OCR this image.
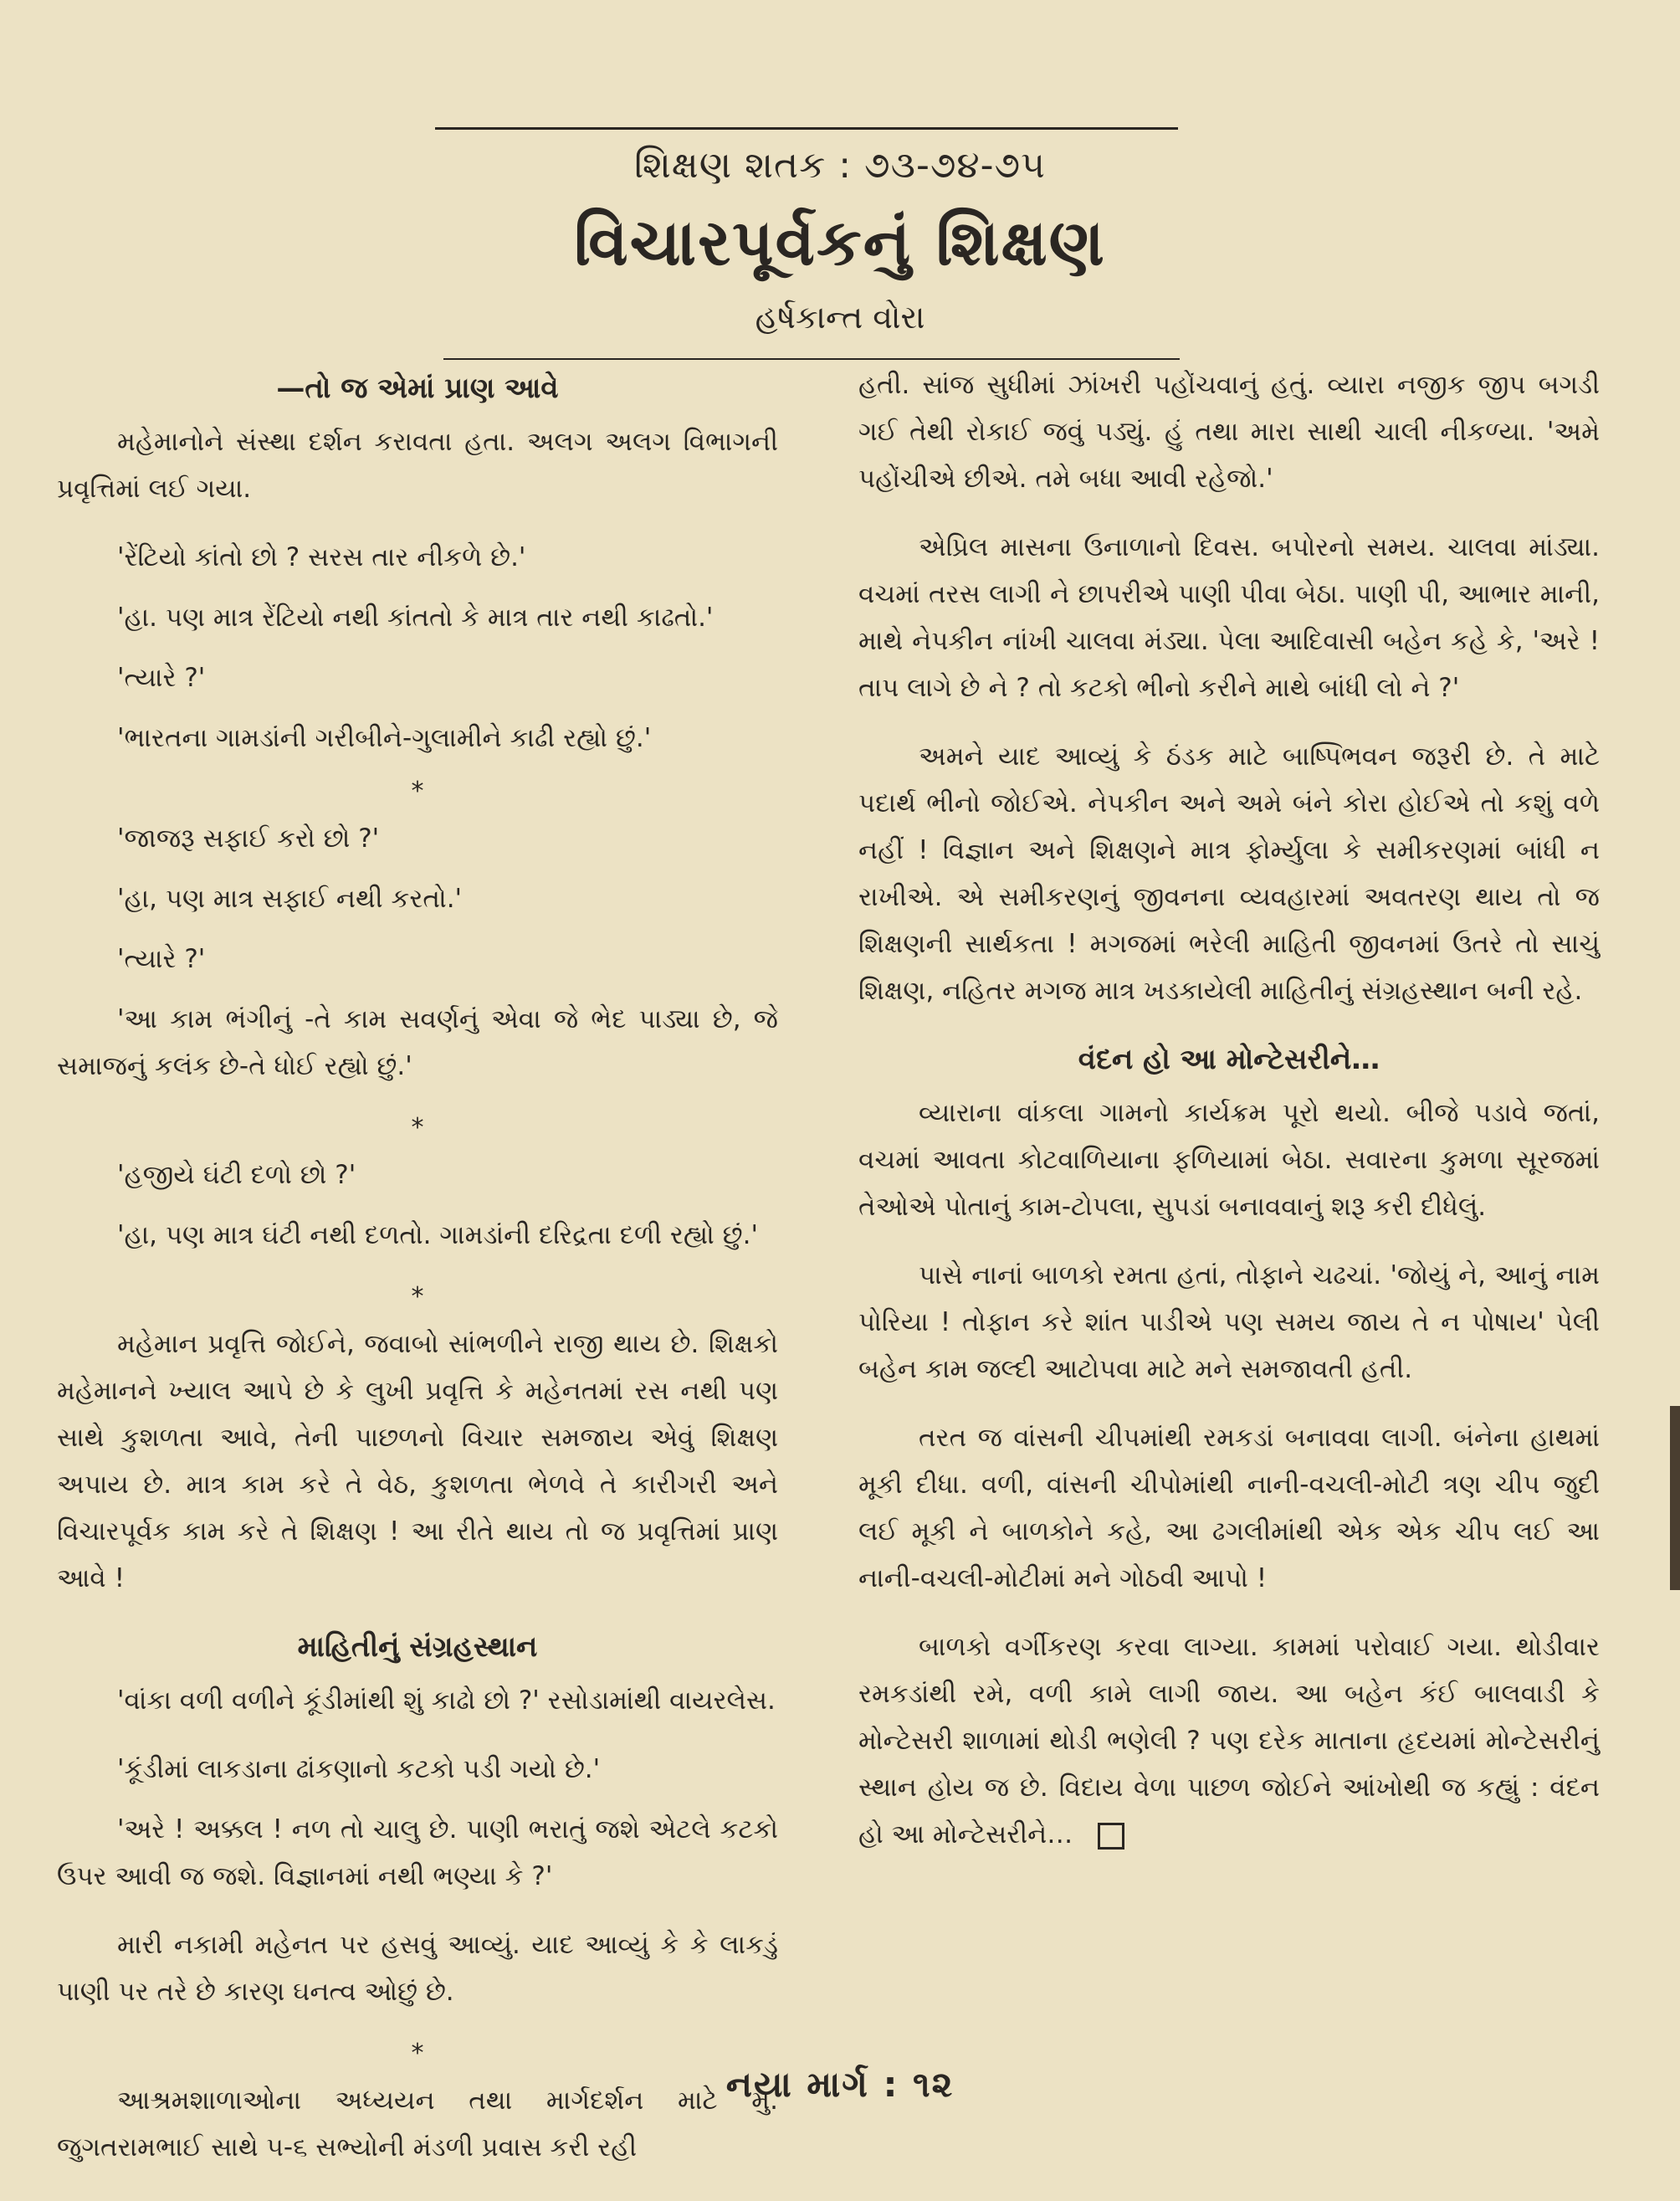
શિક્ષણ શતક : ૭૩-૭૪-૭૫
વિચારપૂર્વકનું શિક્ષણ
હર્ષકાન્ત વોરા
—તો જ એમાં પ્રાણ આવે

મહેમાનોને સંસ્થા દર્શન કરાવતા હતા. અલગ અલગ વિભાગની પ્રવૃત્તિમાં લઈ ગયા.

'રેંટિયો કાંતો છો ? સરસ તાર નીકળે છે.'

'હા. પણ માત્ર રેંટિયો નથી કાંતતો કે માત્ર તાર નથી કાઢતો.'

'ત્યારે ?'

'ભારતના ગામડાંની ગરીબીને-ગુલામીને કાઢી રહ્યો છું.'

*

'જાજરૂ સફાઈ કરો છો ?'

'હા, પણ માત્ર સફાઈ નથી કરતો.'

'ત્યારે ?'

'આ કામ ભંગીનું -તે કામ સવર્ણનું એવા જે ભેદ પાડ્યા છે, જે સમાજનું કલંક છે-તે ધોઈ રહ્યો છું.'

*

'હજીયે ઘંટી દળો છો ?'

'હા, પણ માત્ર ઘંટી નથી દળતો. ગામડાંની દરિદ્રતા દળી રહ્યો છું.'

*

મહેમાન પ્રવૃત્તિ જોઈને, જવાબો સાંભળીને રાજી થાય છે. શિક્ષકો મહેમાનને ખ્યાલ આપે છે કે લુખી પ્રવૃત્તિ કે મહેનતમાં રસ નથી પણ સાથે કુશળતા આવે, તેની પાછળનો વિચાર સમજાય એવું શિક્ષણ અપાય છે. માત્ર કામ કરે તે વેઠ, કુશળતા ભેળવે તે કારીગરી અને વિચારપૂર્વક કામ કરે તે શિક્ષણ ! આ રીતે થાય તો જ પ્રવૃત્તિમાં પ્રાણ આવે !

માહિતીનું સંગ્રહસ્થાન

'વાંકા વળી વળીને કૂંડીમાંથી શું કાઢો છો ?' રસોડામાંથી વાયરલેસ.

'કૂંડીમાં લાકડાના ઢાંકણાનો કટકો પડી ગયો છે.'

'અરે ! અક્કલ ! નળ તો ચાલુ છે. પાણી ભરાતું જશે એટલે કટકો ઉપર આવી જ જશે. વિજ્ઞાનમાં નથી ભણ્યા કે ?'

મારી નકામી મહેનત પર હસવું આવ્યું. યાદ આવ્યું કે કે લાકડું પાણી પર તરે છે કારણ ઘનત્વ ઓછું છે.

*

આશ્રમશાળાઓના અધ્યયન તથા માર્ગદર્શન માટે મુ. જુગતરામભાઈ સાથે ૫-૬ સભ્યોની મંડળી પ્રવાસ કરી રહી

હતી. સાંજ સુધીમાં ઝાંખરી પહોંચવાનું હતું. વ્યારા નજીક જીપ બગડી ગઈ તેથી રોકાઈ જવું પડ્યું. હું તથા મારા સાથી ચાલી નીકળ્યા. 'અમે પહોંચીએ છીએ. તમે બધા આવી રહેજો.'

એપ્રિલ માસના ઉનાળાનો દિવસ. બપોરનો સમય. ચાલવા માંડ્યા. વચમાં તરસ લાગી ને છાપરીએ પાણી પીવા બેઠા. પાણી પી, આભાર માની, માથે નેપકીન નાંખી ચાલવા મંડ્યા. પેલા આદિવાસી બહેન કહે કે, 'અરે ! તાપ લાગે છે ને ? તો કટકો ભીનો કરીને માથે બાંધી લો ને ?'

અમને યાદ આવ્યું કે ઠંડક માટે બાષ્પિભવન જરૂરી છે. તે માટે પદાર્થ ભીનો જોઈએ. નેપકીન અને અમે બંને કોરા હોઈએ તો કશું વળે નહીં ! વિજ્ઞાન અને શિક્ષણને માત્ર ફોર્મ્યુલા કે સમીકરણમાં બાંધી ન રાખીએ. એ સમીકરણનું જીવનના વ્યવહારમાં અવતરણ થાય તો જ શિક્ષણની સાર્થકતા ! મગજમાં ભરેલી માહિતી જીવનમાં ઉતરે તો સાચું શિક્ષણ, નહિતર મગજ માત્ર ખડકાયેલી માહિતીનું સંગ્રહસ્થાન બની રહે.

વંદન હો આ મોન્ટેસરીને…

વ્યારાના વાંકલા ગામનો કાર્યક્રમ પૂરો થયો. બીજે પડાવે જતાં, વચમાં આવતા કોટવાળિયાના ફળિયામાં બેઠા. સવારના કુમળા સૂરજમાં તેઓએ પોતાનું કામ-ટોપલા, સુપડાં બનાવવાનું શરૂ કરી દીધેલું.

પાસે નાનાં બાળકો રમતા હતાં, તોફાને ચઢચાં. 'જોયું ને, આનું નામ પોરિયા ! તોફાન કરે શાંત પાડીએ પણ સમય જાય તે ન પોષાય' પેલી બહેન કામ જલ્દી આટોપવા માટે મને સમજાવતી હતી.

તરત જ વાંસની ચીપમાંથી રમકડાં બનાવવા લાગી. બંનેના હાથમાં મૂકી દીધા. વળી, વાંસની ચીપોમાંથી નાની-વચલી-મોટી ત્રણ ચીપ જુદી લઈ મૂકી ને બાળકોને કહે, આ ઢગલીમાંથી એક એક ચીપ લઈ આ નાની-વચલી-મોટીમાં મને ગોઠવી આપો !

બાળકો વર્ગીકરણ કરવા લાગ્યા. કામમાં પરોવાઈ ગયા. થોડીવાર રમકડાંથી રમે, વળી કામે લાગી જાય. આ બહેન કંઈ બાલવાડી કે મોન્ટેસરી શાળામાં થોડી ભણેલી ? પણ દરેક માતાના હૃદયમાં મોન્ટેસરીનું સ્થાન હોય જ છે. વિદાય વેળા પાછળ જોઈને આંખોથી જ કહ્યું : વંદન હો આ મોન્ટેસરીને…

નયા માર્ગ : ૧૨
